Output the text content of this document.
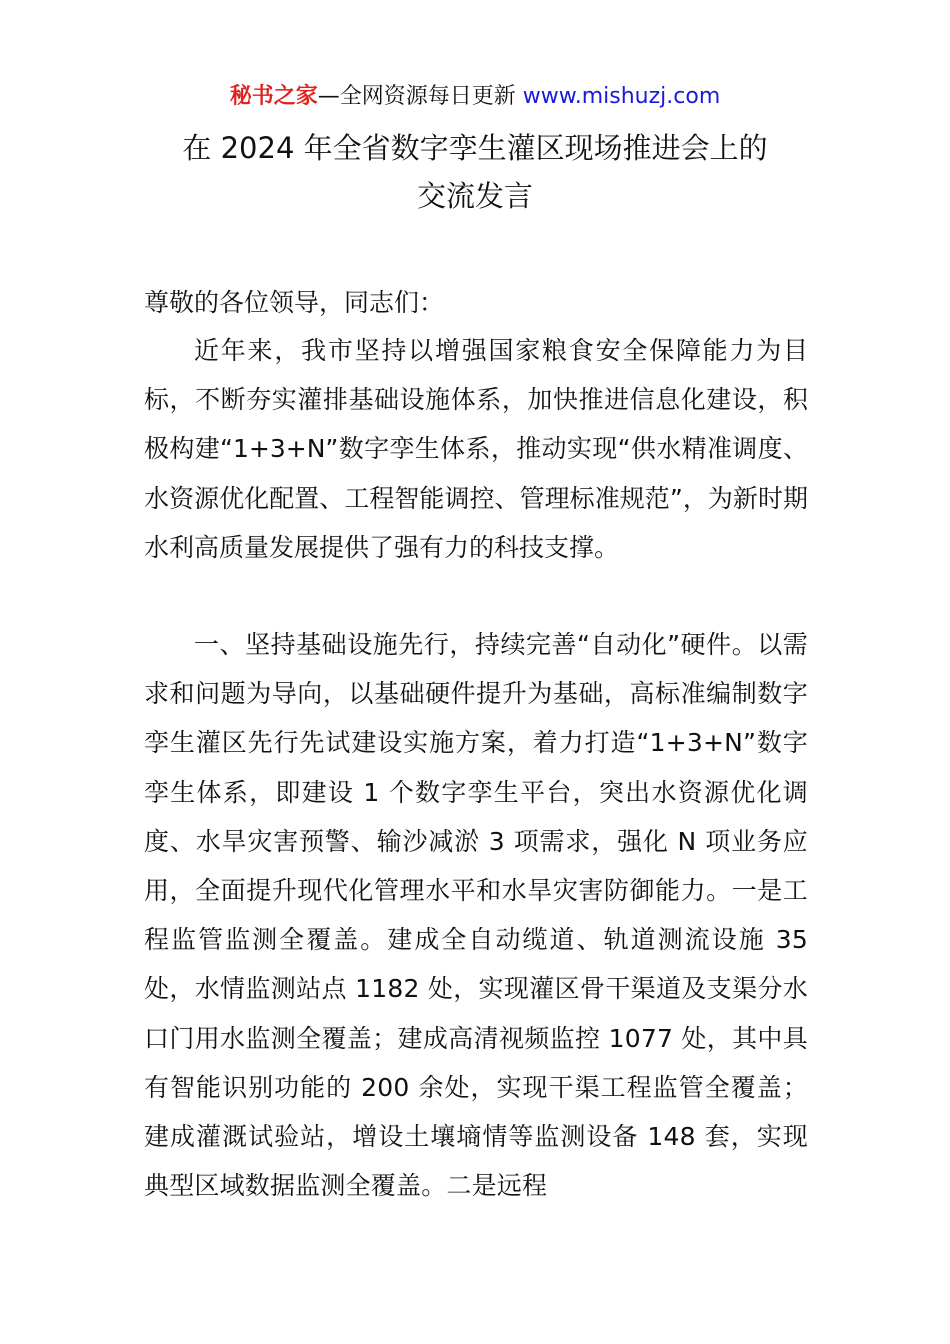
秘书之家—全网资源每日更新 www.mishuzj.com
在 2024 年全省数字孪生灌区现场推进会上的
交流发言

尊敬的各位领导，同志们：

近年来，我市坚持以增强国家粮食安全保障能力为目标，不断夯实灌排基础设施体系，加快推进信息化建设，积极构建“1+3+N”数字孪生体系，推动实现“供水精准调度、水资源优化配置、工程智能调控、管理标准规范”，为新时期水利高质量发展提供了强有力的科技支撑。

一、坚持基础设施先行，持续完善“自动化”硬件。以需求和问题为导向，以基础硬件提升为基础，高标准编制数字孪生灌区先行先试建设实施方案，着力打造“1+3+N”数字孪生体系，即建设 1 个数字孪生平台，突出水资源优化调度、水旱灾害预警、输沙减淤 3 项需求，强化 N 项业务应用，全面提升现代化管理水平和水旱灾害防御能力。一是工程监管监测全覆盖。建成全自动缆道、轨道测流设施 35 处，水情监测站点 1182 处，实现灌区骨干渠道及支渠分水口门用水监测全覆盖；建成高清视频监控 1077 处，其中具有智能识别功能的 200 余处，实现干渠工程监管全覆盖；建成灌溉试验站，增设土壤墒情等监测设备 148 套，实现典型区域数据监测全覆盖。二是远程
